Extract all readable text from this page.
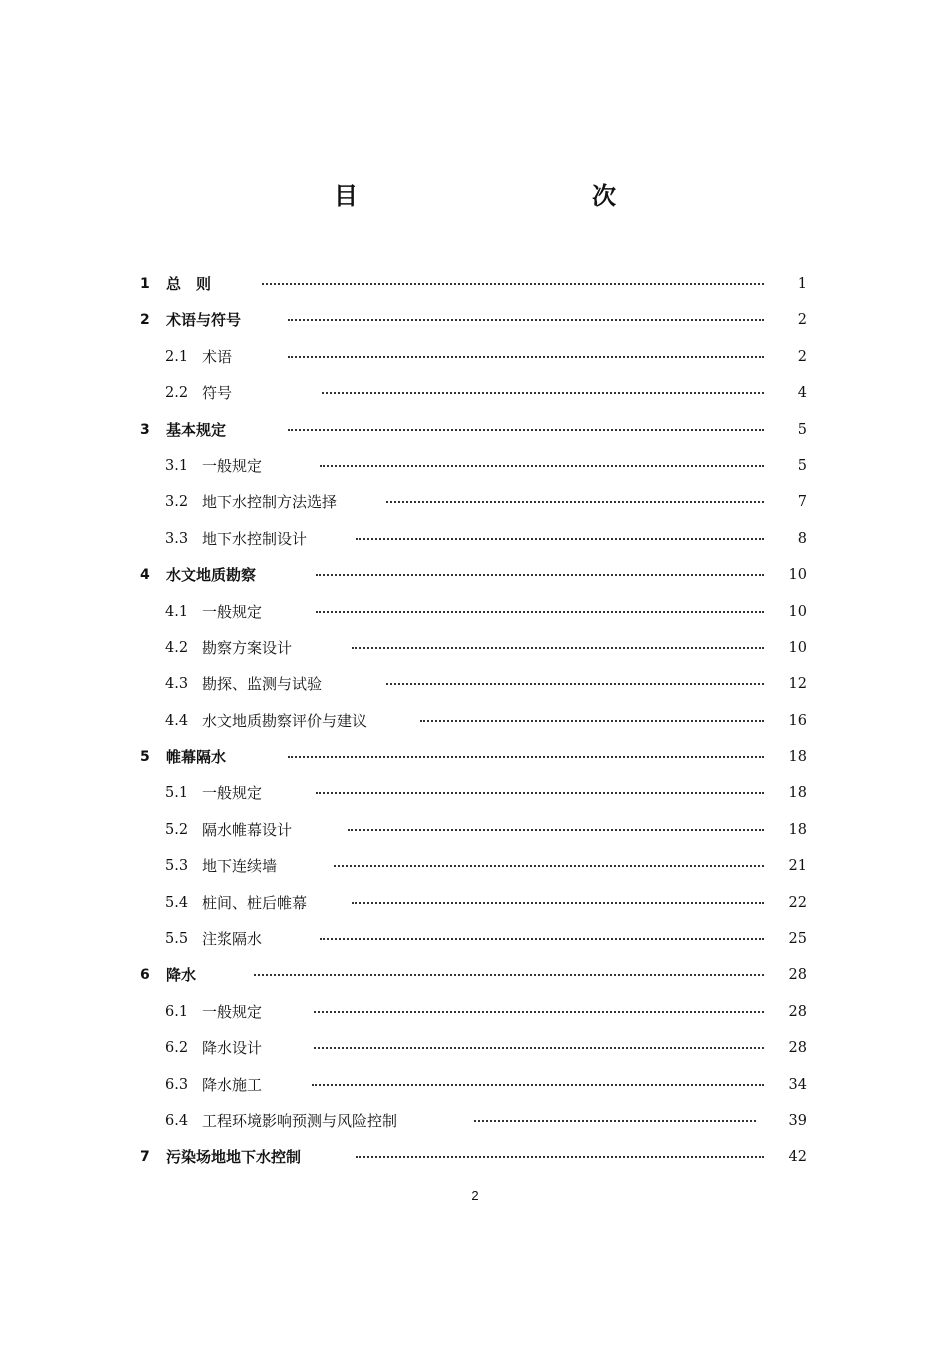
目　　次
1 总　则	1
2 术语与符号	2
2.1 术语	2
2.2 符号	4
3 基本规定	5
3.1 一般规定	5
3.2 地下水控制方法选择	7
3.3 地下水控制设计	8
4 水文地质勘察	10
4.1 一般规定	10
4.2 勘察方案设计	10
4.3 勘探、监测与试验	12
4.4 水文地质勘察评价与建议	16
5 帷幕隔水	18
5.1 一般规定	18
5.2 隔水帷幕设计	18
5.3 地下连续墙	21
5.4 桩间、桩后帷幕	22
5.5 注浆隔水	25
6 降水	28
6.1 一般规定	28
6.2 降水设计	28
6.3 降水施工	34
6.4 工程环境影响预测与风险控制	39
7 污染场地地下水控制	42
2
